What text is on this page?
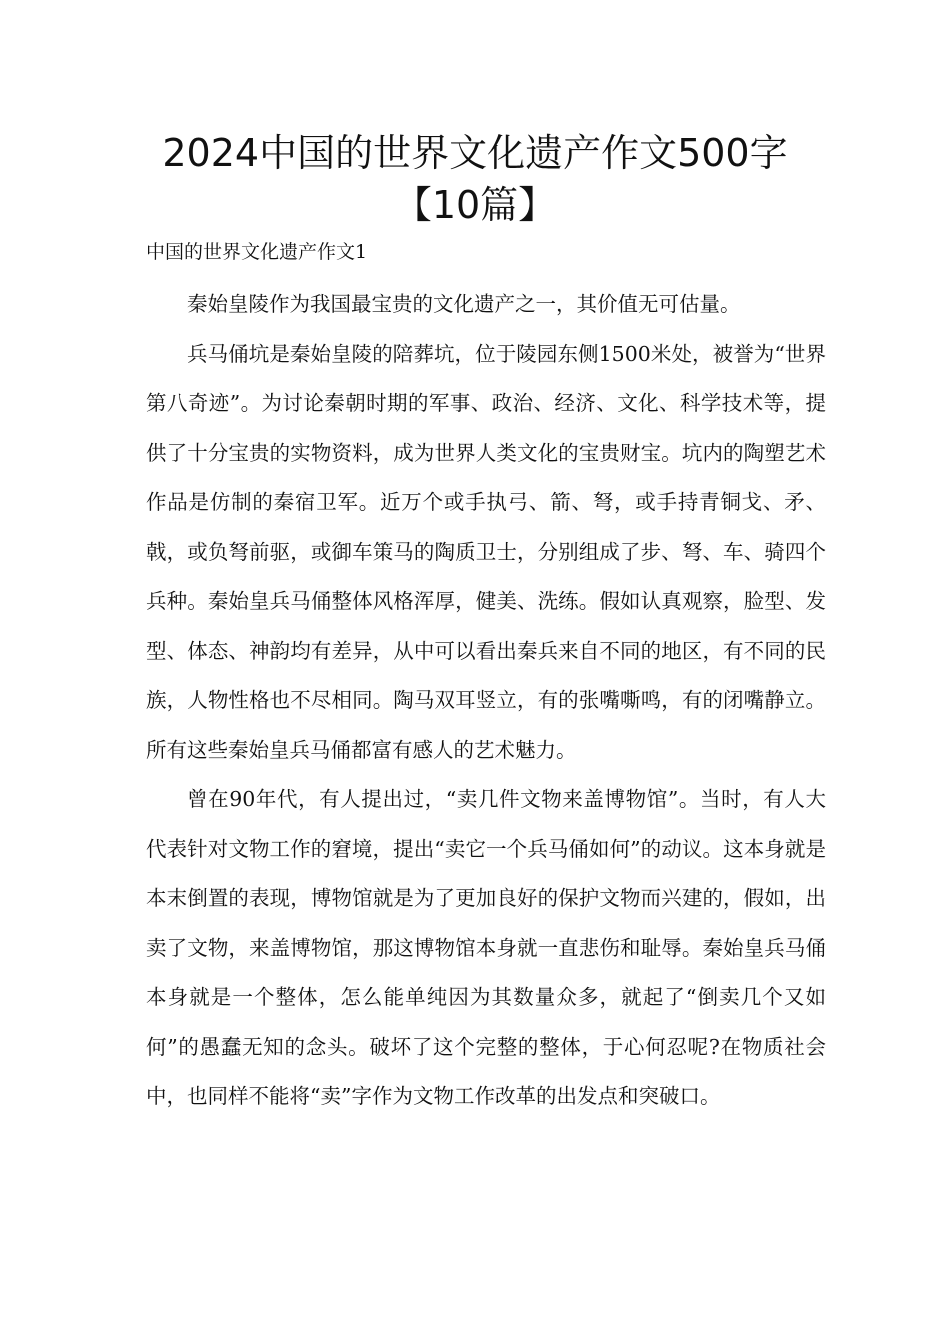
2024中国的世界文化遗产作文500字
【10篇】
中国的世界文化遗产作文1

秦始皇陵作为我国最宝贵的文化遗产之一，其价值无可估量。

兵马俑坑是秦始皇陵的陪葬坑，位于陵园东侧1500米处，被誉为“世界第八奇迹”。为讨论秦朝时期的军事、政治、经济、文化、科学技术等，提供了十分宝贵的实物资料，成为世界人类文化的宝贵财宝。坑内的陶塑艺术作品是仿制的秦宿卫军。近万个或手执弓、箭、弩，或手持青铜戈、矛、戟，或负弩前驱，或御车策马的陶质卫士，分别组成了步、弩、车、骑四个兵种。秦始皇兵马俑整体风格浑厚，健美、洗练。假如认真观察，脸型、发型、体态、神韵均有差异，从中可以看出秦兵来自不同的地区，有不同的民族，人物性格也不尽相同。陶马双耳竖立，有的张嘴嘶鸣，有的闭嘴静立。所有这些秦始皇兵马俑都富有感人的艺术魅力。

曾在90年代，有人提出过，“卖几件文物来盖博物馆”。当时，有人大代表针对文物工作的窘境，提出“卖它一个兵马俑如何”的动议。这本身就是本末倒置的表现，博物馆就是为了更加良好的保护文物而兴建的，假如，出卖了文物，来盖博物馆，那这博物馆本身就一直悲伤和耻辱。秦始皇兵马俑本身就是一个整体，怎么能单纯因为其数量众多，就起了“倒卖几个又如何”的愚蠢无知的念头。破坏了这个完整的整体，于心何忍呢?在物质社会中，也同样不能将“卖”字作为文物工作改革的出发点和突破口。
